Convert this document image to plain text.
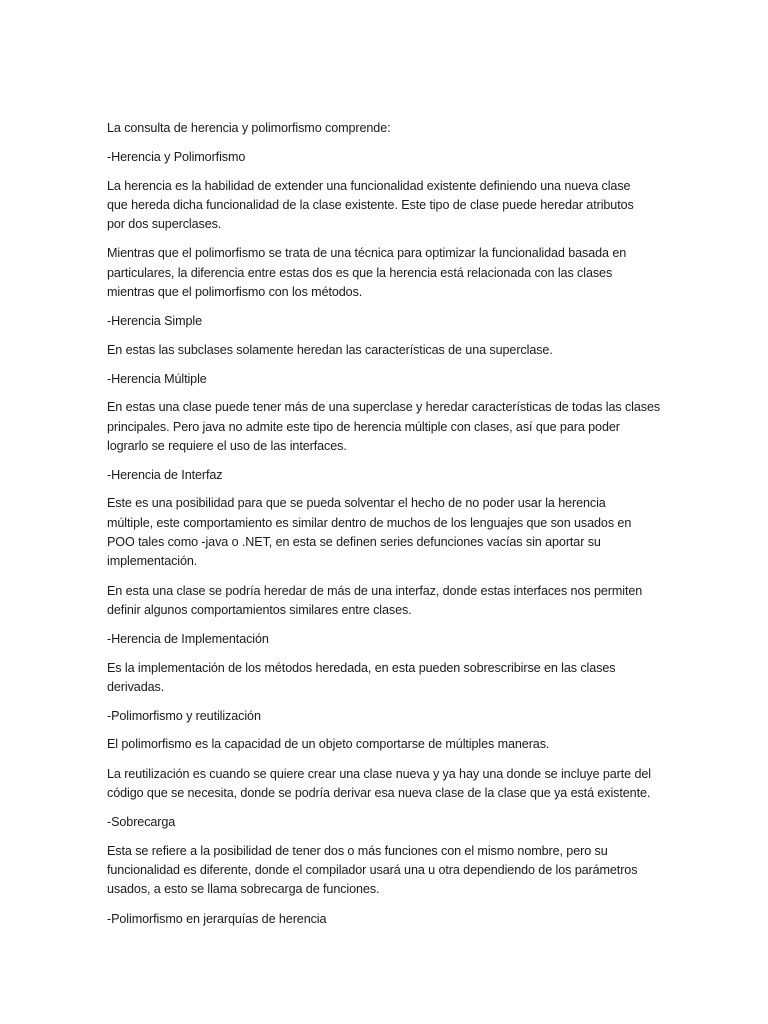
La consulta de herencia y polimorfismo comprende:

-Herencia y Polimorfismo

La herencia es la habilidad de extender una funcionalidad existente definiendo una nueva clase
que hereda dicha funcionalidad de la clase existente. Este tipo de clase puede heredar atributos
por dos superclases.

Mientras que el polimorfismo se trata de una técnica para optimizar la funcionalidad basada en
particulares, la diferencia entre estas dos es que la herencia está relacionada con las clases
mientras que el polimorfismo con los métodos.

-Herencia Simple

En estas las subclases solamente heredan las características de una superclase.

-Herencia Múltiple

En estas una clase puede tener más de una superclase y heredar características de todas las clases
principales. Pero java no admite este tipo de herencia múltiple con clases, así que para poder
lograrlo se requiere el uso de las interfaces.

-Herencia de Interfaz

Este es una posibilidad para que se pueda solventar el hecho de no poder usar la herencia
múltiple, este comportamiento es similar dentro de muchos de los lenguajes que son usados en
POO tales como -java o .NET, en esta se definen series defunciones vacías sin aportar su
implementación.

En esta una clase se podría heredar de más de una interfaz, donde estas interfaces nos permiten
definir algunos comportamientos similares entre clases.

-Herencia de Implementación

Es la implementación de los métodos heredada, en esta pueden sobrescribirse en las clases
derivadas.

-Polimorfismo y reutilización

El polimorfismo es la capacidad de un objeto comportarse de múltiples maneras.

La reutilización es cuando se quiere crear una clase nueva y ya hay una donde se incluye parte del
código que se necesita, donde se podría derivar esa nueva clase de la clase que ya está existente.

-Sobrecarga

Esta se refiere a la posibilidad de tener dos o más funciones con el mismo nombre, pero su
funcionalidad es diferente, donde el compilador usará una u otra dependiendo de los parámetros
usados, a esto se llama sobrecarga de funciones.

-Polimorfismo en jerarquías de herencia
